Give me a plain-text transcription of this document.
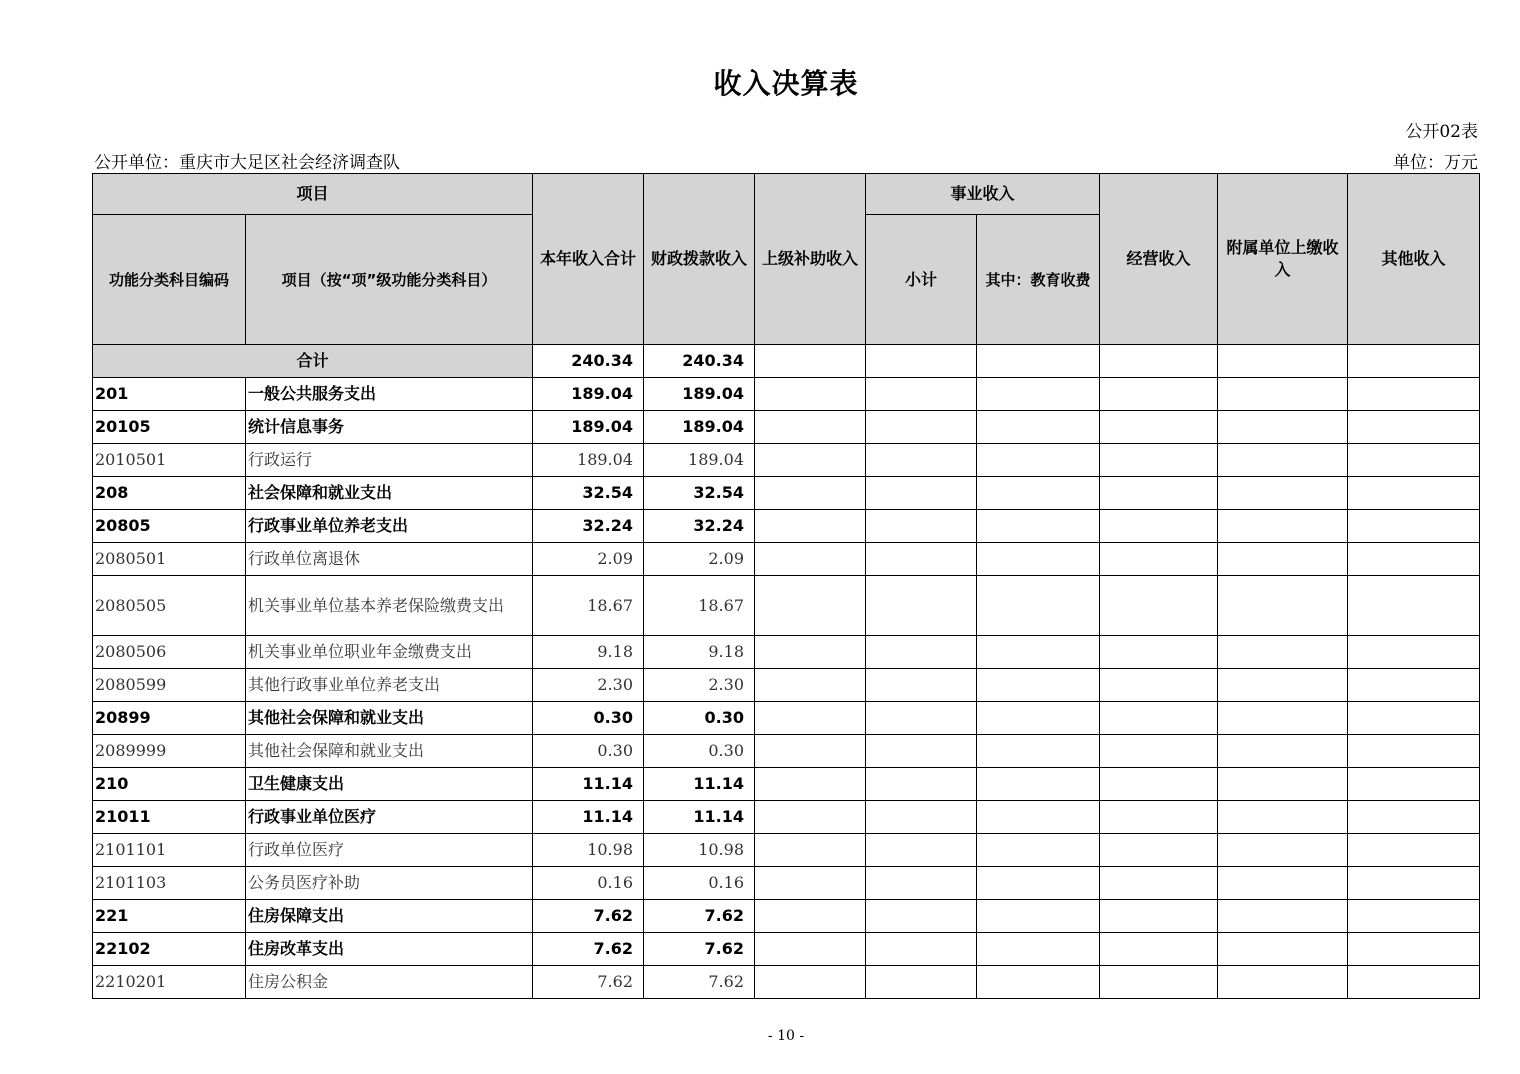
收入决算表
公开02表
公开单位：重庆市大足区社会经济调查队	单位：万元
项目		本年收入合计	财政拨款收入	上级补助收入	事业收入		经营收入	附属单位上缴收入	其他收入
功能分类科目编码	项目（按“项”级功能分类科目）				小计	其中：教育收费			
合计		240.34	240.34						
201	一般公共服务支出	189.04	189.04						
20105	统计信息事务	189.04	189.04						
2010501	行政运行	189.04	189.04						
208	社会保障和就业支出	32.54	32.54						
20805	行政事业单位养老支出	32.24	32.24						
2080501	行政单位离退休	2.09	2.09						
2080505	机关事业单位基本养老保险缴费支出	18.67	18.67						
2080506	机关事业单位职业年金缴费支出	9.18	9.18						
2080599	其他行政事业单位养老支出	2.30	2.30						
20899	其他社会保障和就业支出	0.30	0.30						
2089999	其他社会保障和就业支出	0.30	0.30						
210	卫生健康支出	11.14	11.14						
21011	行政事业单位医疗	11.14	11.14						
2101101	行政单位医疗	10.98	10.98						
2101103	公务员医疗补助	0.16	0.16						
221	住房保障支出	7.62	7.62						
22102	住房改革支出	7.62	7.62						
2210201	住房公积金	7.62	7.62						
- 10 -
